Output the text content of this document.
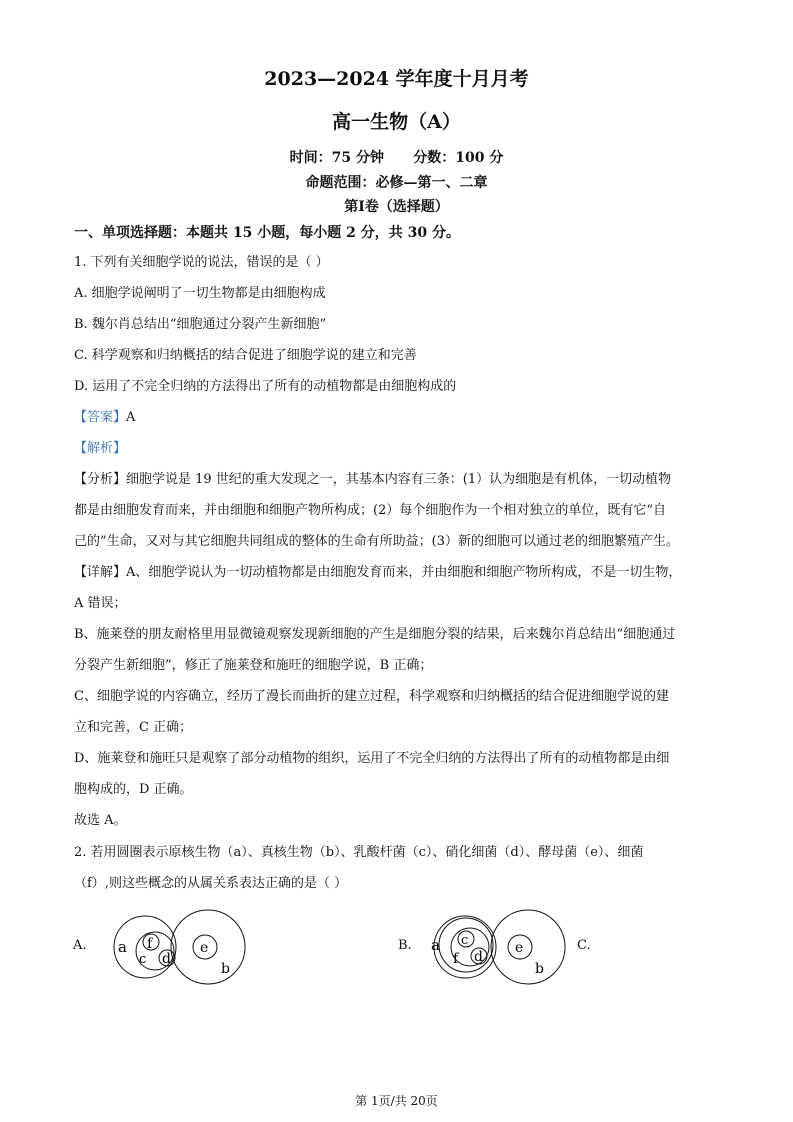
2023—2024 学年度十月月考
高一生物（A）
时间：75 分钟      分数：100 分
命题范围：必修—第一、二章
第Ⅰ卷（选择题）
一、单项选择题：本题共 15 小题，每小题 2 分，共 30 分。
1. 下列有关细胞学说的说法，错误的是（ ）
A. 细胞学说阐明了一切生物都是由细胞构成
B. 魏尔肖总结出“细胞通过分裂产生新细胞”
C. 科学观察和归纳概括的结合促进了细胞学说的建立和完善
D. 运用了不完全归纳的方法得出了所有的动植物都是由细胞构成的
【答案】A
【解析】
【分析】细胞学说是 19 世纪的重大发现之一，其基本内容有三条：(1）认为细胞是有机体，一切动植物
都是由细胞发育而来，并由细胞和细胞产物所构成；(2）每个细胞作为一个相对独立的单位，既有它“自
己的”生命，又对与其它细胞共同组成的整体的生命有所助益；(3）新的细胞可以通过老的细胞繁殖产生。
【详解】A、细胞学说认为一切动植物都是由细胞发育而来，并由细胞和细胞产物所构成，不是一切生物，
A 错误；
B、施莱登的朋友耐格里用显微镜观察发现新细胞的产生是细胞分裂的结果，后来魏尔肖总结出“细胞通过
分裂产生新细胞”，修正了施莱登和施旺的细胞学说，B 正确；
C、细胞学说的内容确立，经历了漫长而曲折的建立过程，科学观察和归纳概括的结合促进细胞学说的建
立和完善，C 正确；
D、施莱登和施旺只是观察了部分动植物的组织，运用了不完全归纳的方法得出了所有的动植物都是由细
胞构成的，D 正确。
故选 A。
2. 若用圆圈表示原核生物（a）、真核生物（b）、乳酸杆菌（c）、硝化细菌（d）、酵母菌（e）、细菌
（f）,则这些概念的从属关系表达正确的是（ ）
A. a f
c d
e
b
B. a c
f d
e
b
C.
第 1页/共 20页
